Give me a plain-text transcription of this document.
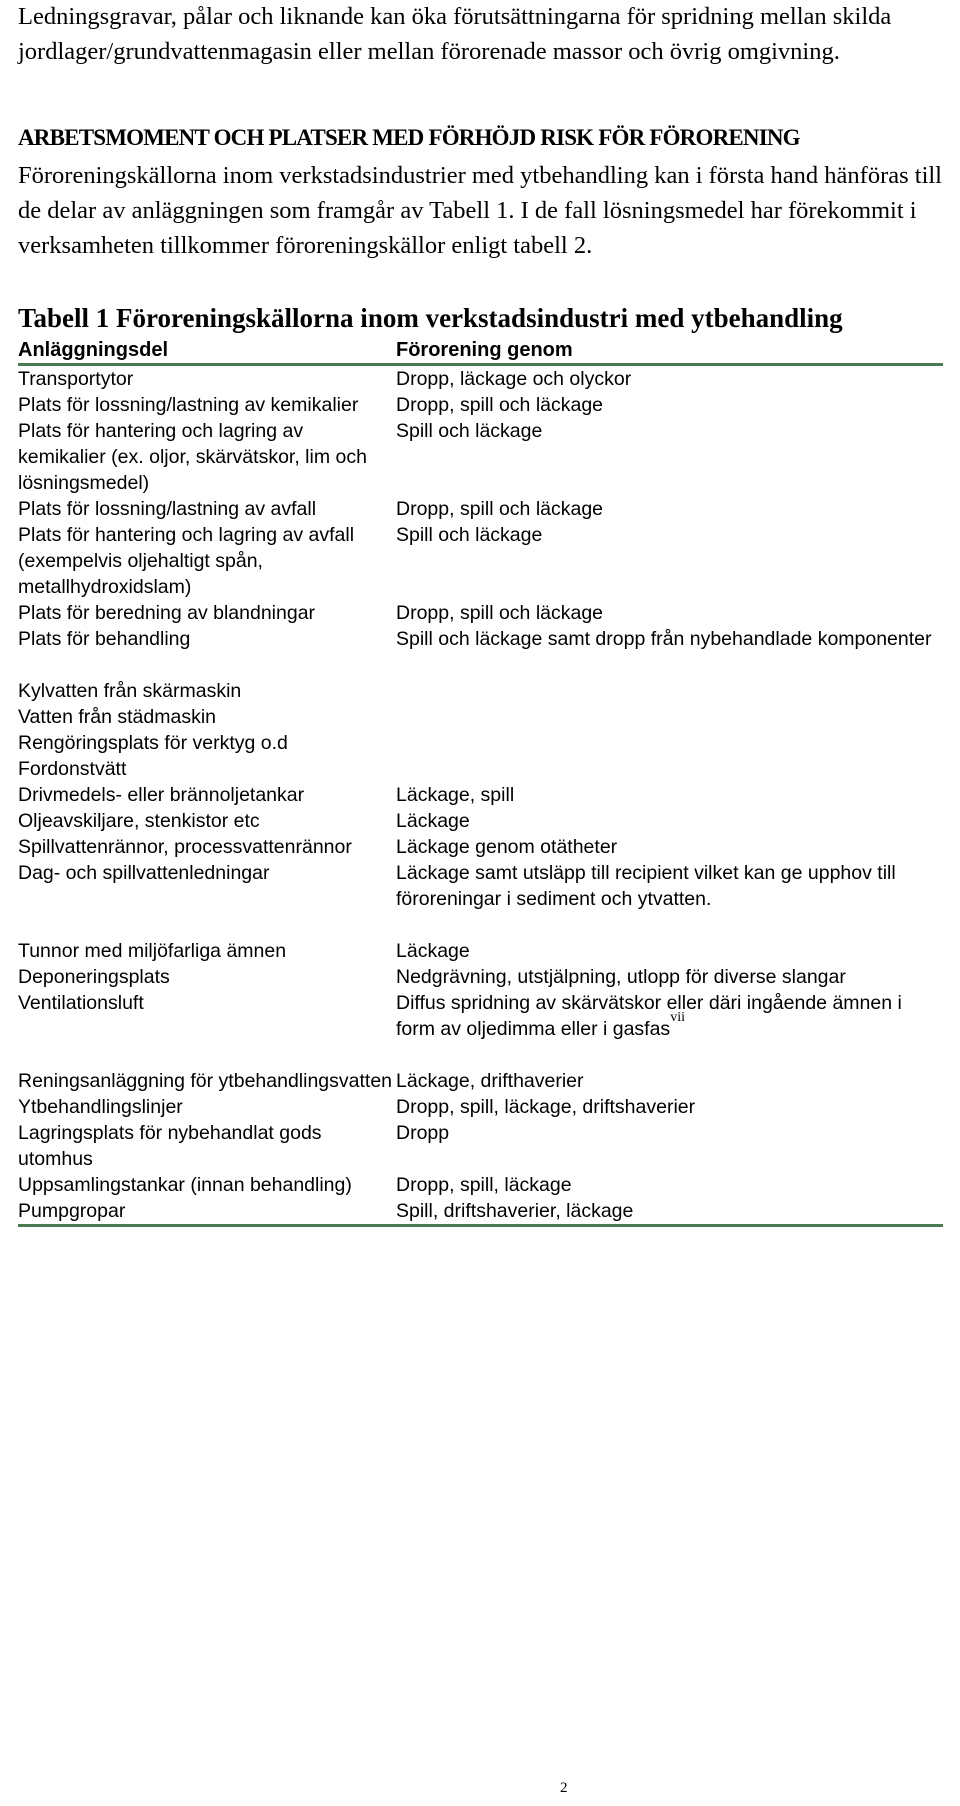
Ledningsgravar, pålar och liknande kan öka förutsättningarna för spridning mellan skilda jordlager/grundvattenmagasin eller mellan förorenade massor och övrig omgivning.

ARBETSMOMENT OCH PLATSER MED FÖRHÖJD RISK FÖR FÖRORENING

Föroreningskällorna inom verkstadsindustrier med ytbehandling kan i första hand hänföras till de delar av anläggningen som framgår av Tabell 1. I de fall lösningsmedel har förekommit i verksamheten tillkommer föroreningskällor enligt tabell 2.

Tabell 1 Föroreningskällorna inom verkstadsindustri med ytbehandling
Anläggningsdel	Förorening genom
Transportytor	Dropp, läckage och olyckor
Plats för lossning/lastning av kemikalier	Dropp, spill och läckage
Plats för hantering och lagring av kemikalier (ex. oljor, skärvätskor, lim och lösningsmedel)	Spill och läckage
Plats för lossning/lastning av avfall	Dropp, spill och läckage
Plats för hantering och lagring av avfall (exempelvis oljehaltigt spån, metallhydroxidslam)	Spill och läckage
Plats för beredning av blandningar	Dropp, spill och läckage
Plats för behandling	Spill och läckage samt dropp från nybehandlade komponenter
Kylvatten från skärmaskin	
Vatten från städmaskin	
Rengöringsplats för verktyg o.d	
Fordonstvätt	
Drivmedels- eller brännoljetankar	Läckage, spill
Oljeavskiljare, stenkistor etc	Läckage
Spillvattenrännor, processvattenrännor	Läckage genom otätheter
Dag- och spillvattenledningar	Läckage samt utsläpp till recipient vilket kan ge upphov till föroreningar i sediment och ytvatten.
Tunnor med miljöfarliga ämnen	Läckage
Deponeringsplats	Nedgrävning, utstjälpning, utlopp för diverse slangar
Ventilationsluft	Diffus spridning av skärvätskor eller däri ingående ämnen i form av oljedimma eller i gasfas$^{vii}$
Reningsanläggning för ytbehandlingsvatten	Läckage, drifthaverier
Ytbehandlingslinjer	Dropp, spill, läckage, driftshaverier
Lagringsplats för nybehandlat gods utomhus	Dropp
Uppsamlingstankar (innan behandling)	Dropp, spill, läckage
Pumpgropar	Spill, driftshaverier, läckage
2
